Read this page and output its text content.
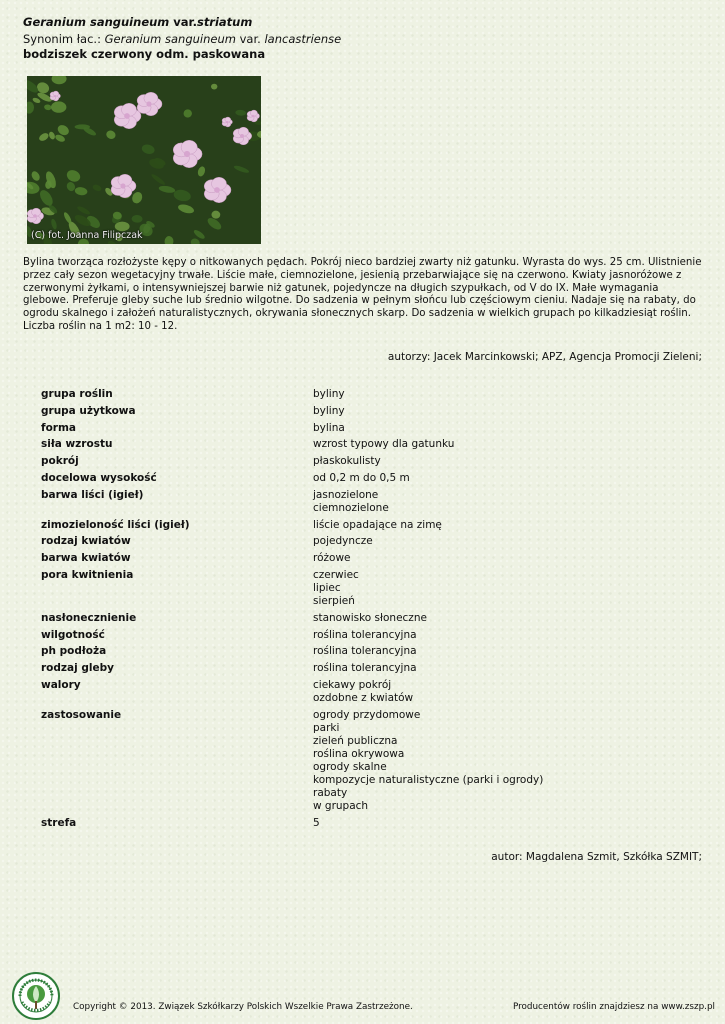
Geranium sanguineum var.striatum
Synonim łac.: Geranium sanguineum var. lancastriense
bodziszek czerwony odm. paskowana
(C) fot. Joanna Filipczak
Bylina tworząca rozłożyste kępy o nitkowanych pędach. Pokrój nieco bardziej zwarty niż gatunku. Wyrasta do wys. 25 cm. Ulistnienie przez cały sezon wegetacyjny trwałe. Liście małe, ciemnozielone, jesienią przebarwiające się na czerwono. Kwiaty jasnoróżowe z czerwonymi żyłkami, o intensywniejszej barwie niż gatunek, pojedyncze na długich szypułkach, od V do IX. Małe wymagania glebowe. Preferuje gleby suche lub średnio wilgotne. Do sadzenia w pełnym słońcu lub częściowym cieniu. Nadaje się na rabaty, do ogrodu skalnego i założeń naturalistycznych, okrywania słonecznych skarp. Do sadzenia w wielkich grupach po kilkadziesiąt roślin. Liczba roślin na 1 m2: 10 - 12.
autorzy: Jacek Marcinkowski; APZ, Agencja Promocji Zieleni;
grupa roślin	byliny
grupa użytkowa	byliny
forma	bylina
siła wzrostu	wzrost typowy dla gatunku
pokrój	płaskokulisty
docelowa wysokość	od 0,2 m do 0,5 m
barwa liści (igieł)	jasnozielone
ciemnozielone
zimozieloność liści (igieł)	liście opadające na zimę
rodzaj kwiatów	pojedyncze
barwa kwiatów	różowe
pora kwitnienia	czerwiec
lipiec
sierpień
nasłonecznienie	stanowisko słoneczne
wilgotność	roślina tolerancyjna
ph podłoża	roślina tolerancyjna
rodzaj gleby	roślina tolerancyjna
walory	ciekawy pokrój
ozdobne z kwiatów
zastosowanie	ogrody przydomowe
parki
zieleń publiczna
roślina okrywowa
ogrody skalne
kompozycje naturalistyczne (parki i ogrody)
rabaty
w grupach
strefa	5
autor: Magdalena Szmit, Szkółka SZMIT;
Copyright © 2013. Związek Szkółkarzy Polskich Wszelkie Prawa Zastrzeżone.	Producentów roślin znajdziesz na www.zszp.pl
